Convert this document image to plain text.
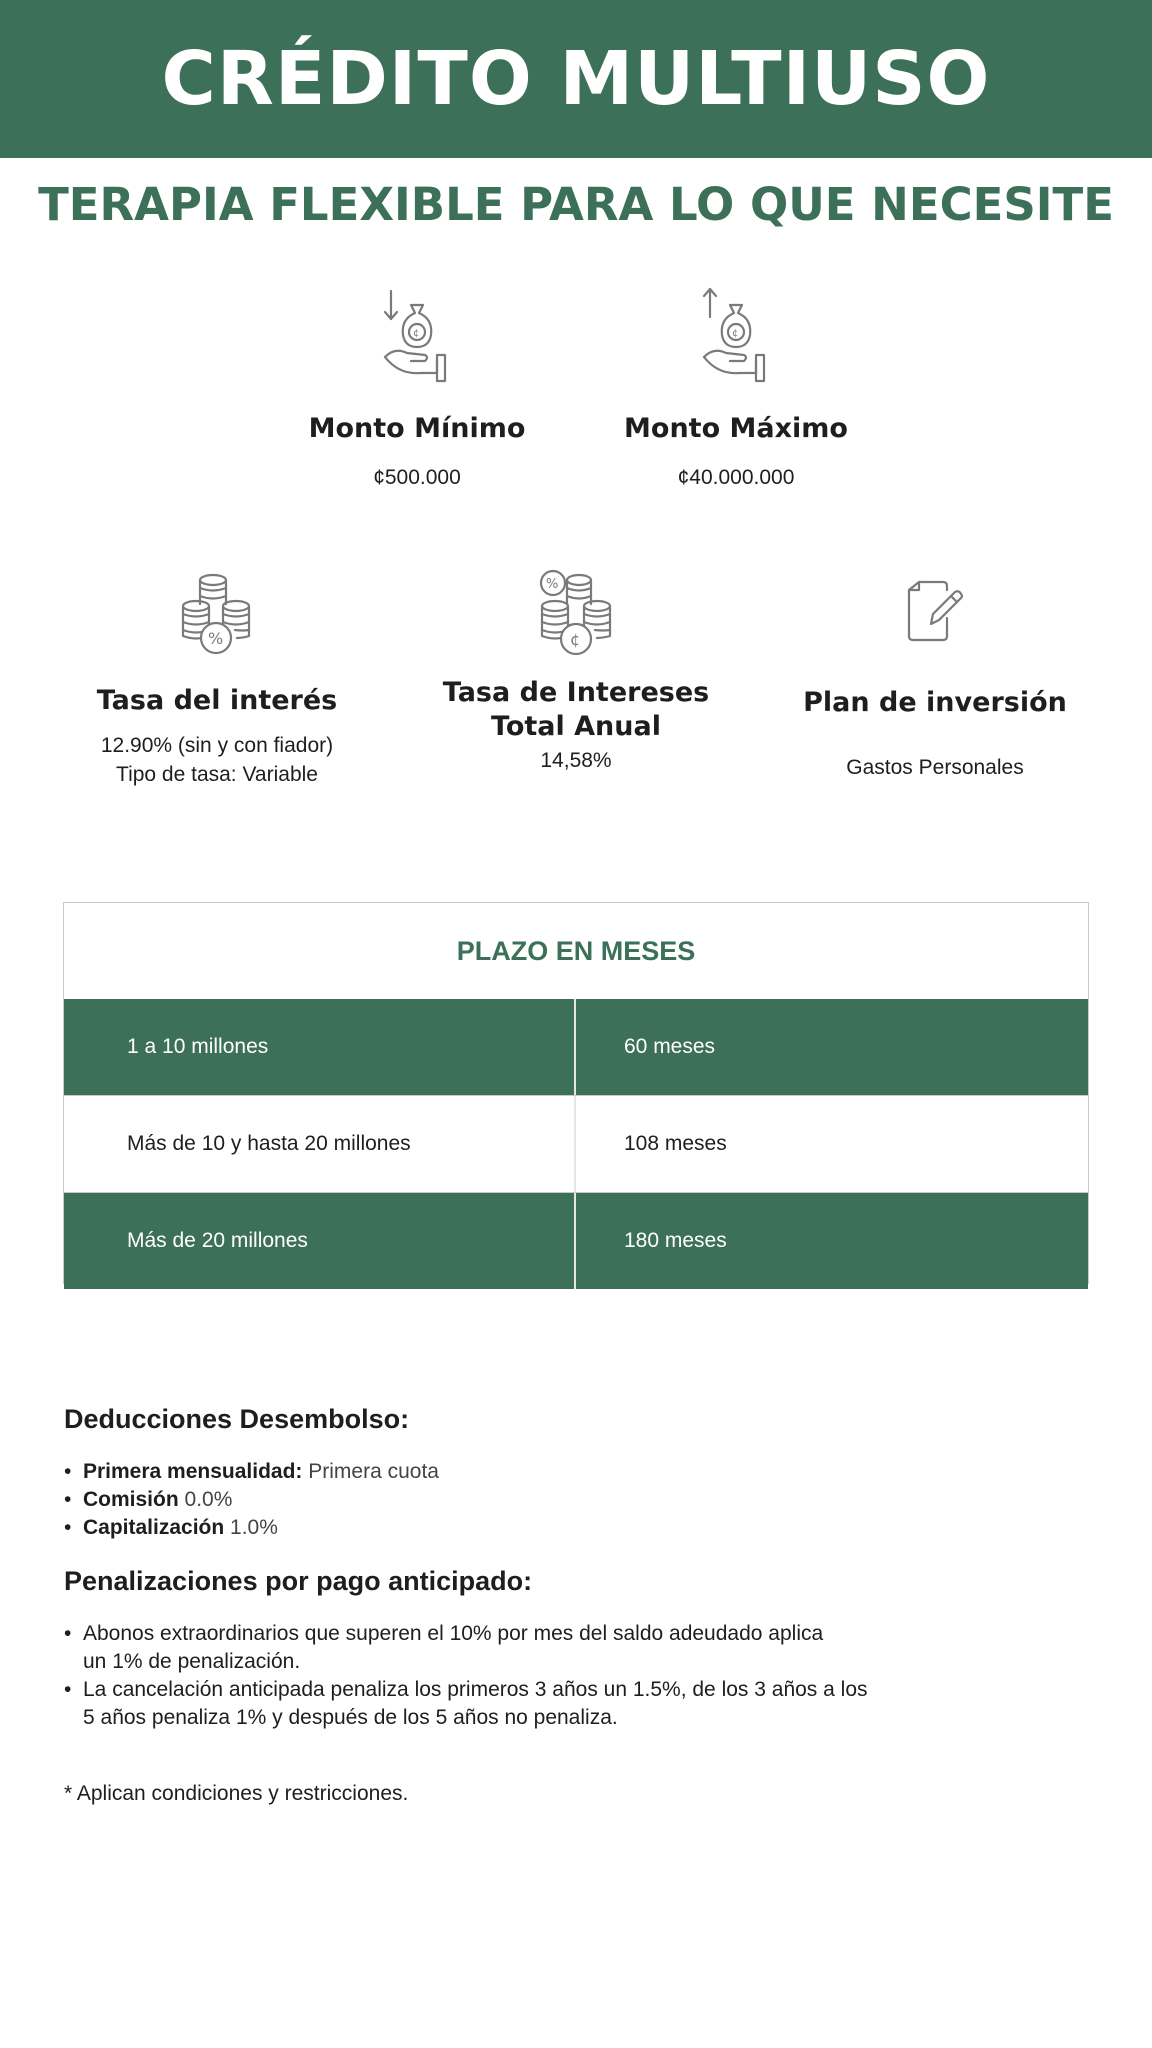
CRÉDITO MULTIUSO
TERAPIA FLEXIBLE PARA LO QUE NECESITE
¢
Monto Mínimo
¢500.000
¢
Monto Máximo
¢40.000.000
%
Tasa del interés
12.90% (sin y con fiador)
Tipo de tasa: Variable
%
¢
Tasa de Intereses
Total Anual
14,58%
Plan de inversión
Gastos Personales
PLAZO EN MESES
1 a 10 millones	60 meses
Más de 10 y hasta 20 millones	108 meses
Más de 20 millones	180 meses
Deducciones Desembolso:
• Primera mensualidad: Primera cuota
• Comisión 0.0%
• Capitalización 1.0%
Penalizaciones por pago anticipado:
• Abonos extraordinarios que superen el 10% por mes del saldo adeudado aplica
un 1% de penalización.
• La cancelación anticipada penaliza los primeros 3 años un 1.5%, de los 3 años a los
5 años penaliza 1% y después de los 5 años no penaliza.
* Aplican condiciones y restricciones.
